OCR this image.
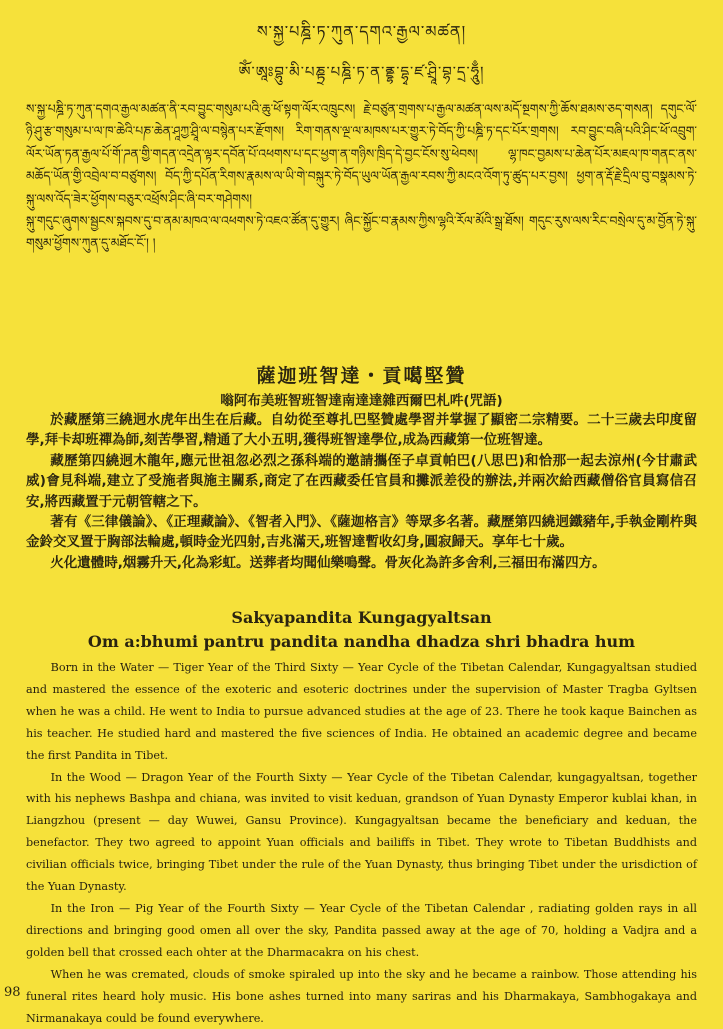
ས་སྐྱ་པཎྜི་ཏ་ཀུན་དགའ་རྒྱལ་མཚན།
ཨོཾ་ཨཱཿབྷུ་མི་པཎྟྲ་པཎྜི་ཏ་ན་ནྡྷ་དྷྭ་ཛ་ཤྲཱི་བྷ་དྲ་ཧཱུྃ།

ས་སྐྱ་པཎྜི་ཏ་ཀུན་དགའ་རྒྱལ་མཚན་ནི་རབ་བྱུང་གསུམ་པའི་ཆུ་ཕོ་སྟག་ལོར་འཁྲུངས། རྗེ་བཙུན་གྲགས་པ་རྒྱལ་མཚན་ལས་མདོ་སྔགས་ཀྱི་ཆོས་ཐམས་ཅད་གསན། དགུང་ལོ་ཉི་ཤུ་རྩ་གསུམ་པ་ལ་ཁ་ཆེའི་པཎ་ཆེན་ཤཱཀྱ་ཤྲཱི་ལ་བསྙེན་པར་རྫོགས། རིག་གནས་ལྔ་ལ་མཁས་པར་གྱུར་ཏེ་བོད་ཀྱི་པཎྜི་ཏ་དང་པོར་གྲགས། རབ་བྱུང་བཞི་པའི་ཤིང་ཕོ་འབྲུག་ལོར་ཡོན་ཏན་རྒྱལ་པོ་གོ་ཌན་གྱི་གདན་འདྲེན་ལྟར་དབོན་པོ་འཕགས་པ་དང་ཕྱག་ན་གཉིས་ཁྲིད་དེ་བྱང་ངོས་སུ་ཕེབས། ལྷ་ཁང་བྱམས་པ་ཆེན་པོར་མཇལ་ཁ་གནང་ནས་མཆོད་ཡོན་གྱི་འབྲེལ་བ་བཙུགས། བོད་ཀྱི་དཔོན་རིགས་རྣམས་ལ་ཡི་གེ་བསྐུར་ཏེ་བོད་ཡུལ་ཡོན་རྒྱལ་རབས་ཀྱི་མངའ་འོག་ཏུ་ཚུད་པར་བྱས། ཕྱག་ན་རྡོ་རྗེ་དྲིལ་བུ་བསྣམས་ཏེ་སྐུ་ལས་འོད་ཟེར་ཕྱོགས་བཅུར་འཕྲོས་ཤིང་ཞི་བར་གཤེགས།

སྐུ་གདུང་ཞུགས་སྦྱངས་སྐབས་དུ་བ་ནམ་མཁའ་ལ་འཕགས་ཏེ་འཇའ་ཚོན་དུ་གྱུར། ཞིང་སྐྱོང་བ་རྣམས་ཀྱིས་ལྷའི་རོལ་མོའི་སྒྲ་ཐོས། གདུང་རུས་ལས་རིང་བསྲེལ་དུ་མ་བྱོན་ཏེ་སྐུ་གསུམ་ཕྱོགས་ཀུན་དུ་མཐོང་ངོ་། །

薩迦班智達・貢噶堅贊
嗡阿布美班智班智達南達達雜西爾巴札吽(咒語)

於藏歷第三繞迥水虎年出生在后藏。自幼從至尊扎巴堅贊處學習并掌握了顯密二宗精要。二十三歲去印度留學,拜卡却班禪為師,刻苦學習,精通了大小五明,獲得班智達學位,成為西藏第一位班智達。

藏歷第四繞迥木龍年,應元世祖忽必烈之孫科端的邀請攜侄子卓貢帕巴(八思巴)和恰那一起去涼州(今甘肅武威)會見科端,建立了受施者與施主關系,商定了在西藏委任官員和攤派差役的辦法,并兩次給西藏僧俗官員寫信召安,將西藏置于元朝管轄之下。

著有《三律儀論》、《正理藏論》、《智者入門》、《薩迦格言》等眾多名著。藏歷第四繞迥鐵豬年,手執金剛杵與金鈴交叉置于胸部法輪處,頓時金光四射,吉兆滿天,班智達暫收幻身,圓寂歸天。享年七十歲。

火化遺體時,烟霧升天,化為彩虹。送葬者均聞仙樂鳴聲。骨灰化為許多舍利,三福田布滿四方。

Sakyapandita Kungagyaltsan
Om a:bhumi pantru pandita nandha dhadza shri bhadra hum

Born in the Water — Tiger Year of the Third Sixty — Year Cycle of the Tibetan Calendar, Kungagyaltsan studied and mastered the essence of the exoteric and esoteric doctrines under the supervision of Master Tragba Gyltsen when he was a child. He went to India to pursue advanced studies at the age of 23. There he took kaque Bainchen as his teacher. He studied hard and mastered the five sciences of India. He obtained an academic degree and became the first Pandita in Tibet.

In the Wood — Dragon Year of the Fourth Sixty — Year Cycle of the Tibetan Calendar, kungagyaltsan, together with his nephews Bashpa and chiana, was invited to visit keduan, grandson of Yuan Dynasty Emperor kublai khan, in Liangzhou (present — day Wuwei, Gansu Province). Kungagyaltsan became the beneficiary and keduan, the benefactor. They two agreed to appoint Yuan officials and bailiffs in Tibet. They wrote to Tibetan Buddhists and civilian officials twice, bringing Tibet under the rule of the Yuan Dynasty, thus bringing Tibet under the urisdiction of the Yuan Dynasty.

In the Iron — Pig Year of the Fourth Sixty — Year Cycle of the Tibetan Calendar , radiating golden rays in all directions and bringing good omen all over the sky, Pandita passed away at the age of 70, holding a Vadjra and a golden bell that crossed each ohter at the Dharmacakra on his chest.

When he was cremated, clouds of smoke spiraled up into the sky and he became a rainbow. Those attending his funeral rites heard holy music. His bone ashes turned into many sariras and his Dharmakaya, Sambhogakaya and Nirmanakaya could be found everywhere.

98
